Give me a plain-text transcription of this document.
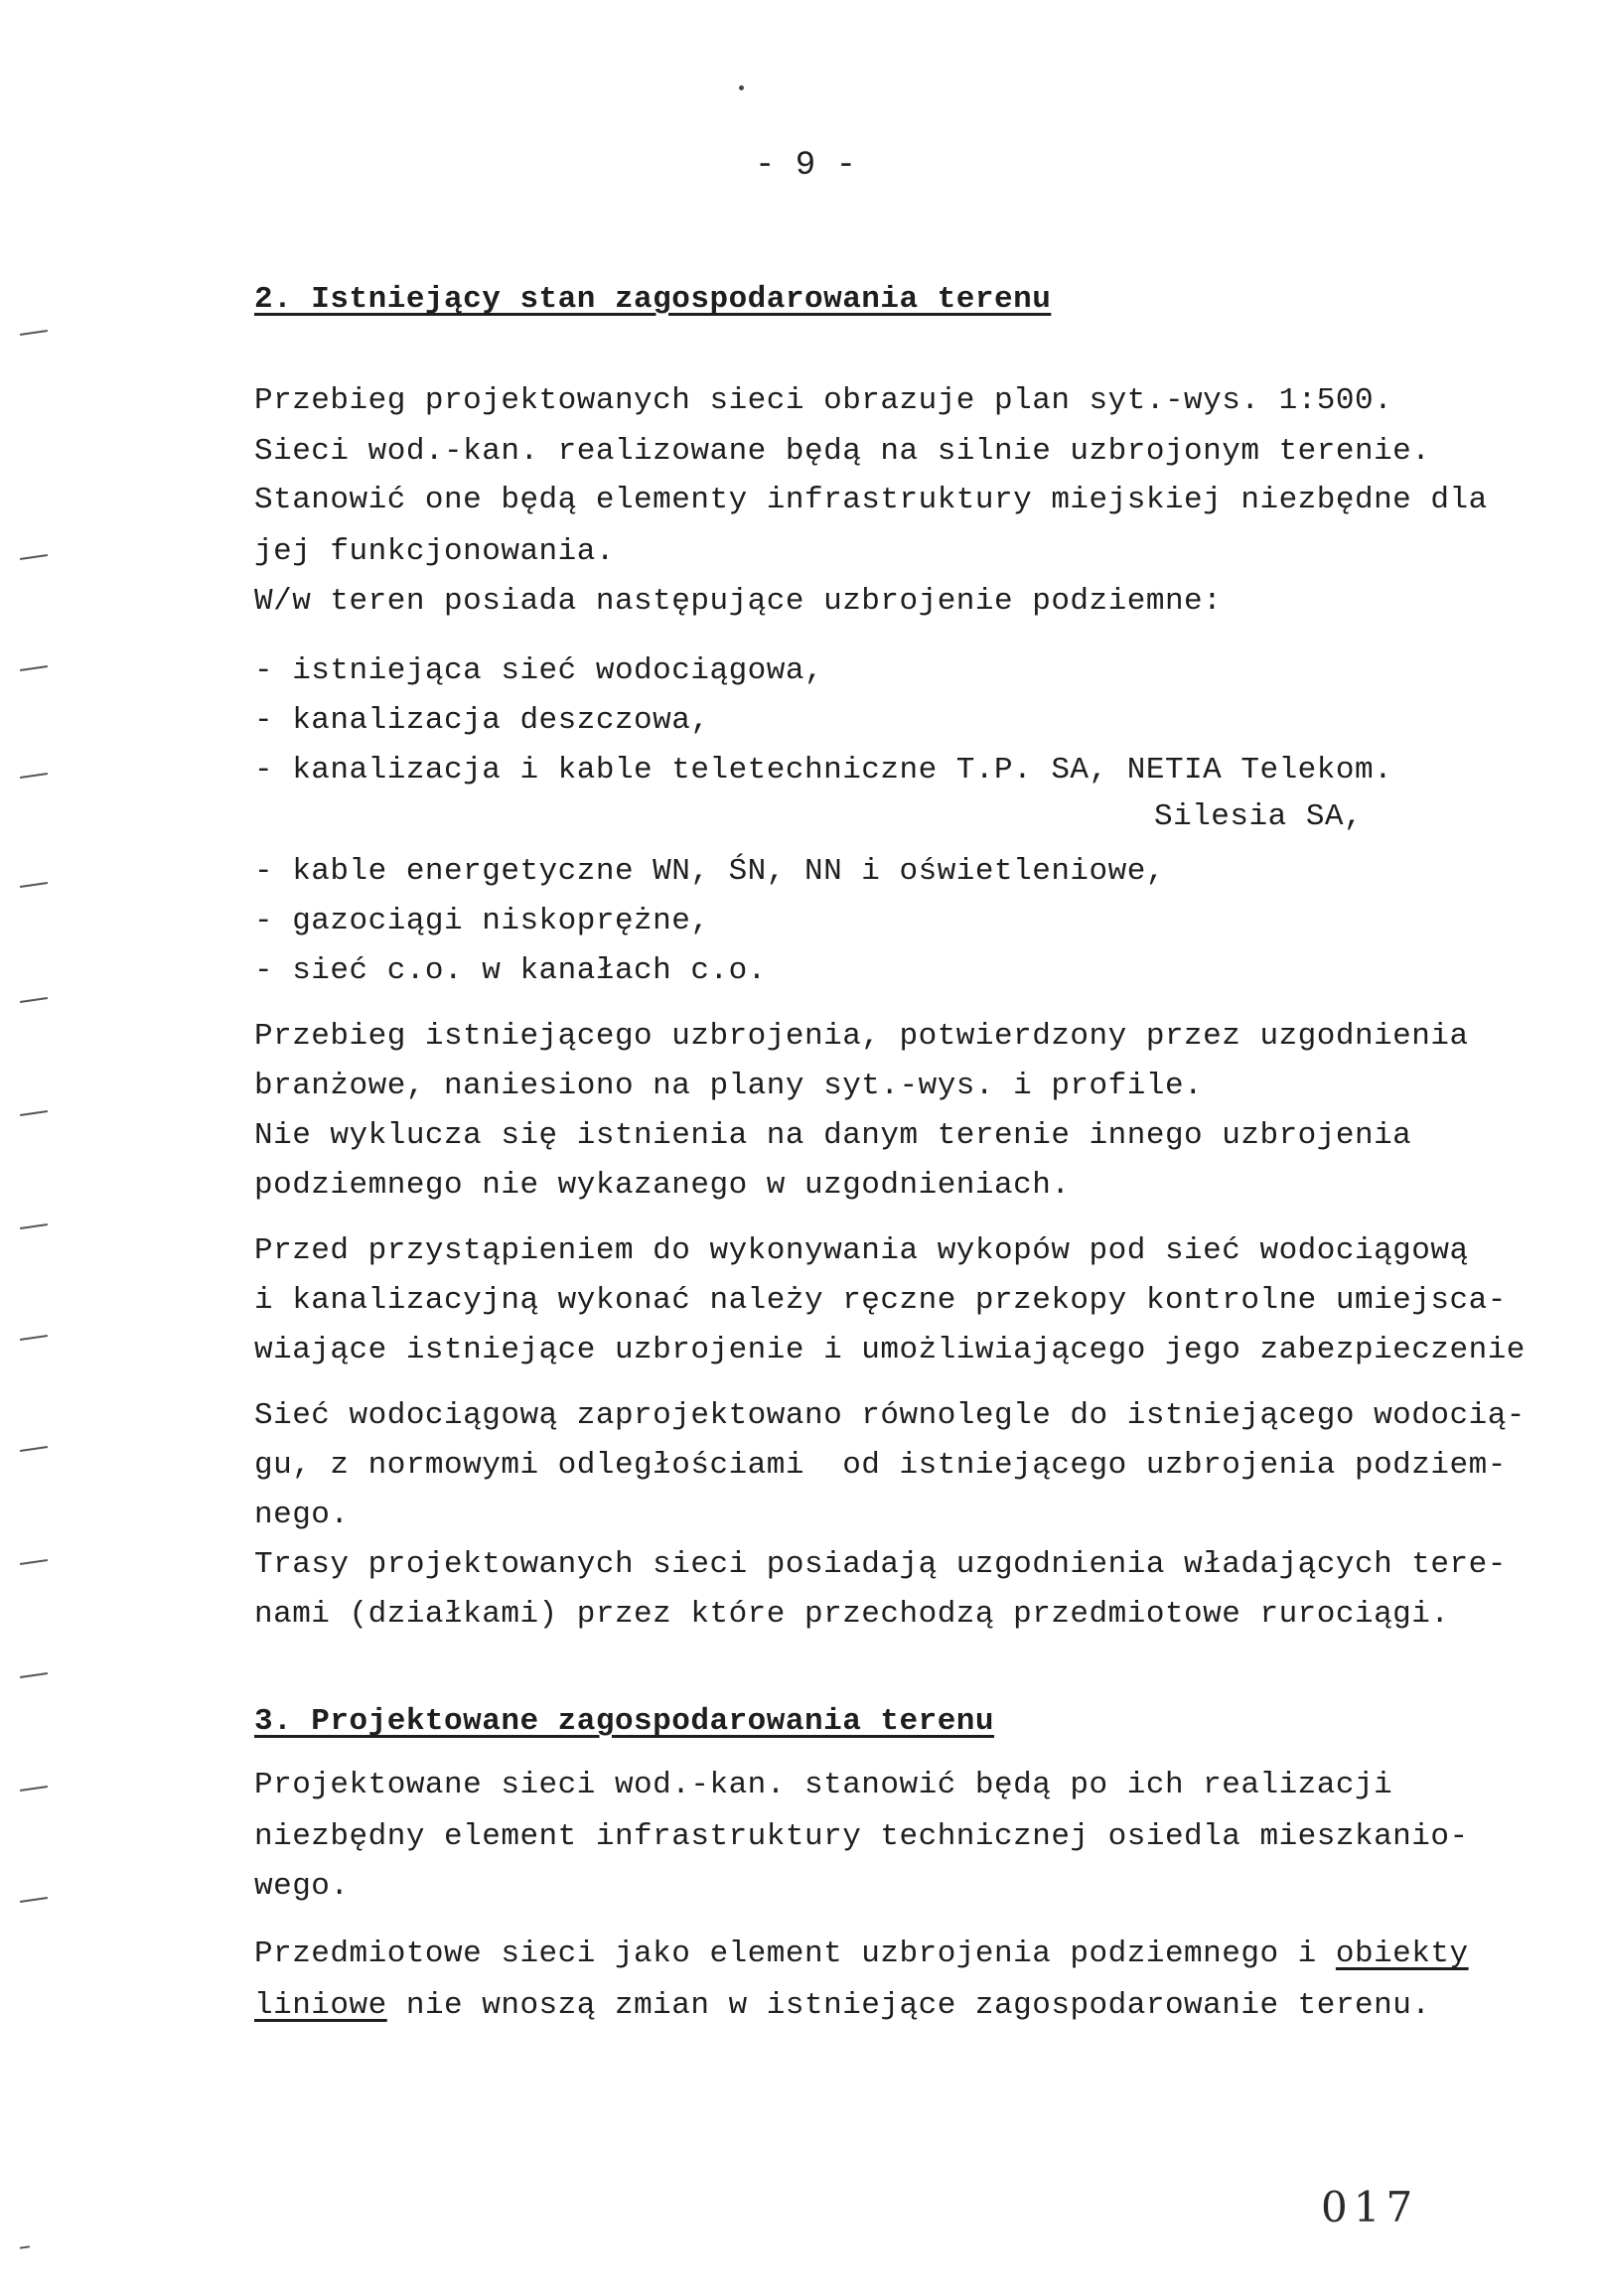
- 9 -
2. Istniejący stan zagospodarowania terenu
Przebieg projektowanych sieci obrazuje plan syt.-wys. 1:500.
Sieci wod.-kan. realizowane będą na silnie uzbrojonym terenie.
Stanowić one będą elementy infrastruktury miejskiej niezbędne dla
jej funkcjonowania.
W/w teren posiada następujące uzbrojenie podziemne:
- istniejąca sieć wodociągowa,
- kanalizacja deszczowa,
- kanalizacja i kable teletechniczne T.P. SA, NETIA Telekom.
Silesia SA,
- kable energetyczne WN, ŚN, NN i oświetleniowe,
- gazociągi niskoprężne,
- sieć c.o. w kanałach c.o.
Przebieg istniejącego uzbrojenia, potwierdzony przez uzgodnienia
branżowe, naniesiono na plany syt.-wys. i profile.
Nie wyklucza się istnienia na danym terenie innego uzbrojenia
podziemnego nie wykazanego w uzgodnieniach.
Przed przystąpieniem do wykonywania wykopów pod sieć wodociągową
i kanalizacyjną wykonać należy ręczne przekopy kontrolne umiejsca-
wiające istniejące uzbrojenie i umożliwiającego jego zabezpieczenie
Sieć wodociągową zaprojektowano równolegle do istniejącego wodocią-
gu, z normowymi odległościami  od istniejącego uzbrojenia podziem-
nego.
Trasy projektowanych sieci posiadają uzgodnienia władających tere-
nami (działkami) przez które przechodzą przedmiotowe rurociągi.
3. Projektowane zagospodarowania terenu
Projektowane sieci wod.-kan. stanowić będą po ich realizacji
niezbędny element infrastruktury technicznej osiedla mieszkanio-
wego.
Przedmiotowe sieci jako element uzbrojenia podziemnego i obiekty
liniowe nie wnoszą zmian w istniejące zagospodarowanie terenu.
017
